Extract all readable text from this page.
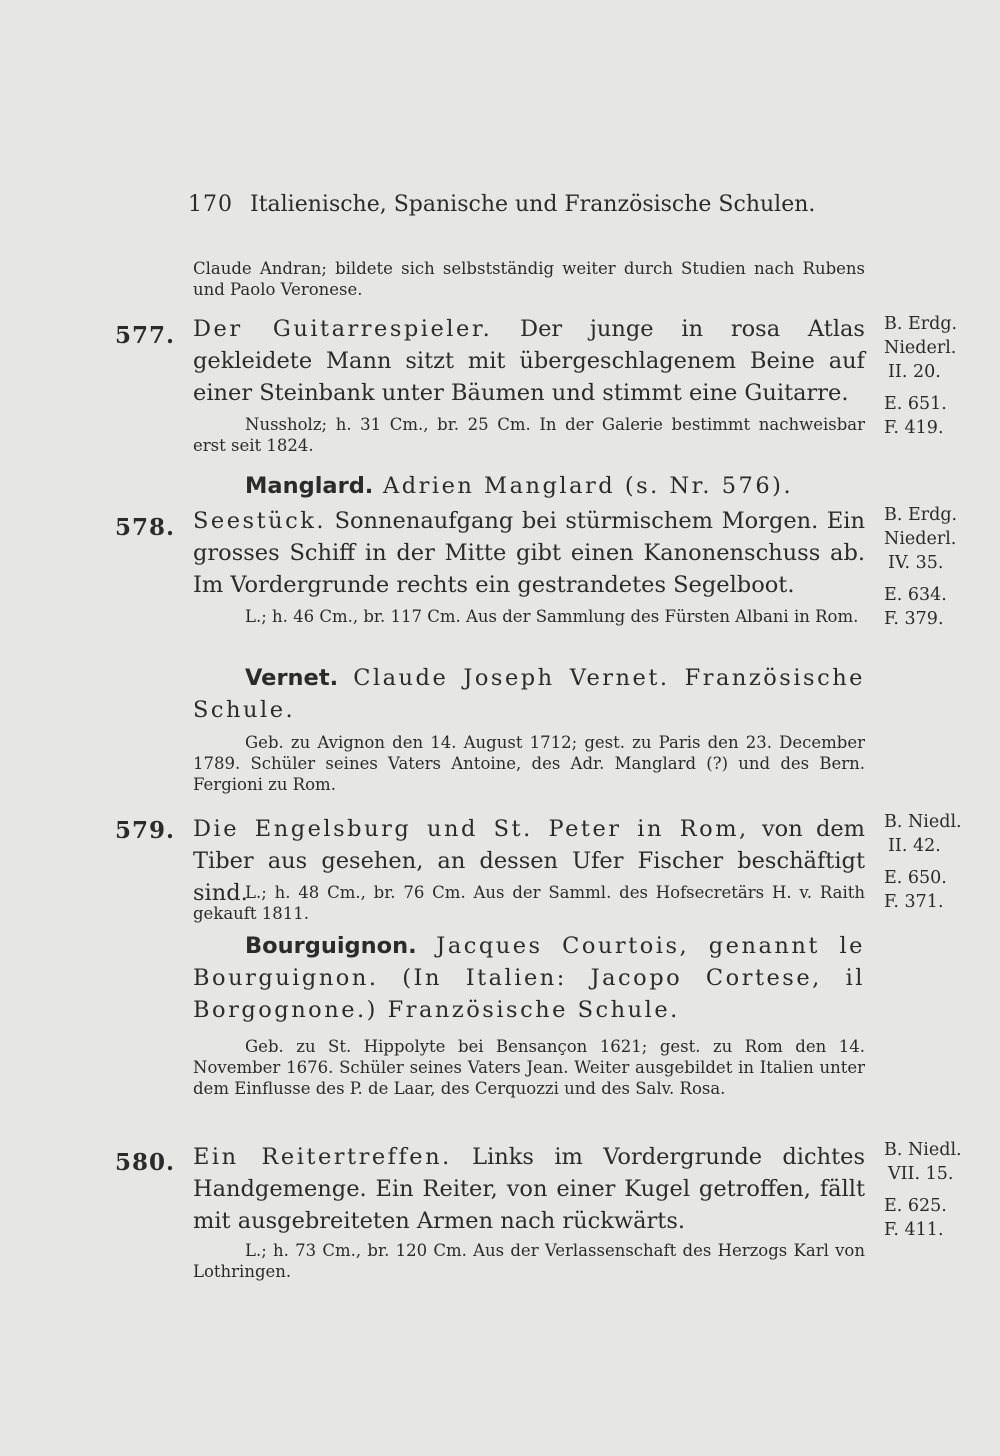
170 Italienische, Spanische und Französische Schulen.
Claude Andran; bildete sich selbstständig weiter durch Studien nach Rubens und Paolo Veronese.
577. Der Guitarrespieler. Der junge in rosa Atlas gekleidete Mann sitzt mit übergeschlagenem Beine auf einer Steinbank unter Bäumen und stimmt eine Guitarre.
Nussholz; h. 31 Cm., br. 25 Cm. In der Galerie bestimmt nachweisbar erst seit 1824.
B. Erdg.
Niederl.
II. 20.
E. 651.
F. 419.
Manglard. Adrien Manglard (s. Nr. 576).
578. Seestück. Sonnenaufgang bei stürmischem Morgen. Ein grosses Schiff in der Mitte gibt einen Kanonenschuss ab. Im Vordergrunde rechts ein gestrandetes Segelboot.
L.; h. 46 Cm., br. 117 Cm. Aus der Sammlung des Fürsten Albani in Rom.
B. Erdg.
Niederl.
IV. 35.
E. 634.
F. 379.
Vernet. Claude Joseph Vernet. Französische Schule.
Geb. zu Avignon den 14. August 1712; gest. zu Paris den 23. December 1789. Schüler seines Vaters Antoine, des Adr. Manglard (?) und des Bern. Fergioni zu Rom.
579. Die Engelsburg und St. Peter in Rom, von dem Tiber aus gesehen, an dessen Ufer Fischer beschäftigt sind.
L.; h. 48 Cm., br. 76 Cm. Aus der Samml. des Hofsecretärs H. v. Raith gekauft 1811.
B. Niedl.
II. 42.
E. 650.
F. 371.
Bourguignon. Jacques Courtois, genannt le Bourguignon. (In Italien: Jacopo Cortese, il Borgognone.) Französische Schule.
Geb. zu St. Hippolyte bei Bensançon 1621; gest. zu Rom den 14. November 1676. Schüler seines Vaters Jean. Weiter ausgebildet in Italien unter dem Einflusse des P. de Laar, des Cerquozzi und des Salv. Rosa.
580. Ein Reitertreffen. Links im Vordergrunde dichtes Handgemenge. Ein Reiter, von einer Kugel getroffen, fällt mit ausgebreiteten Armen nach rückwärts.
L.; h. 73 Cm., br. 120 Cm. Aus der Verlassenschaft des Herzogs Karl von Lothringen.
B. Niedl.
VII. 15.
E. 625.
F. 411.
